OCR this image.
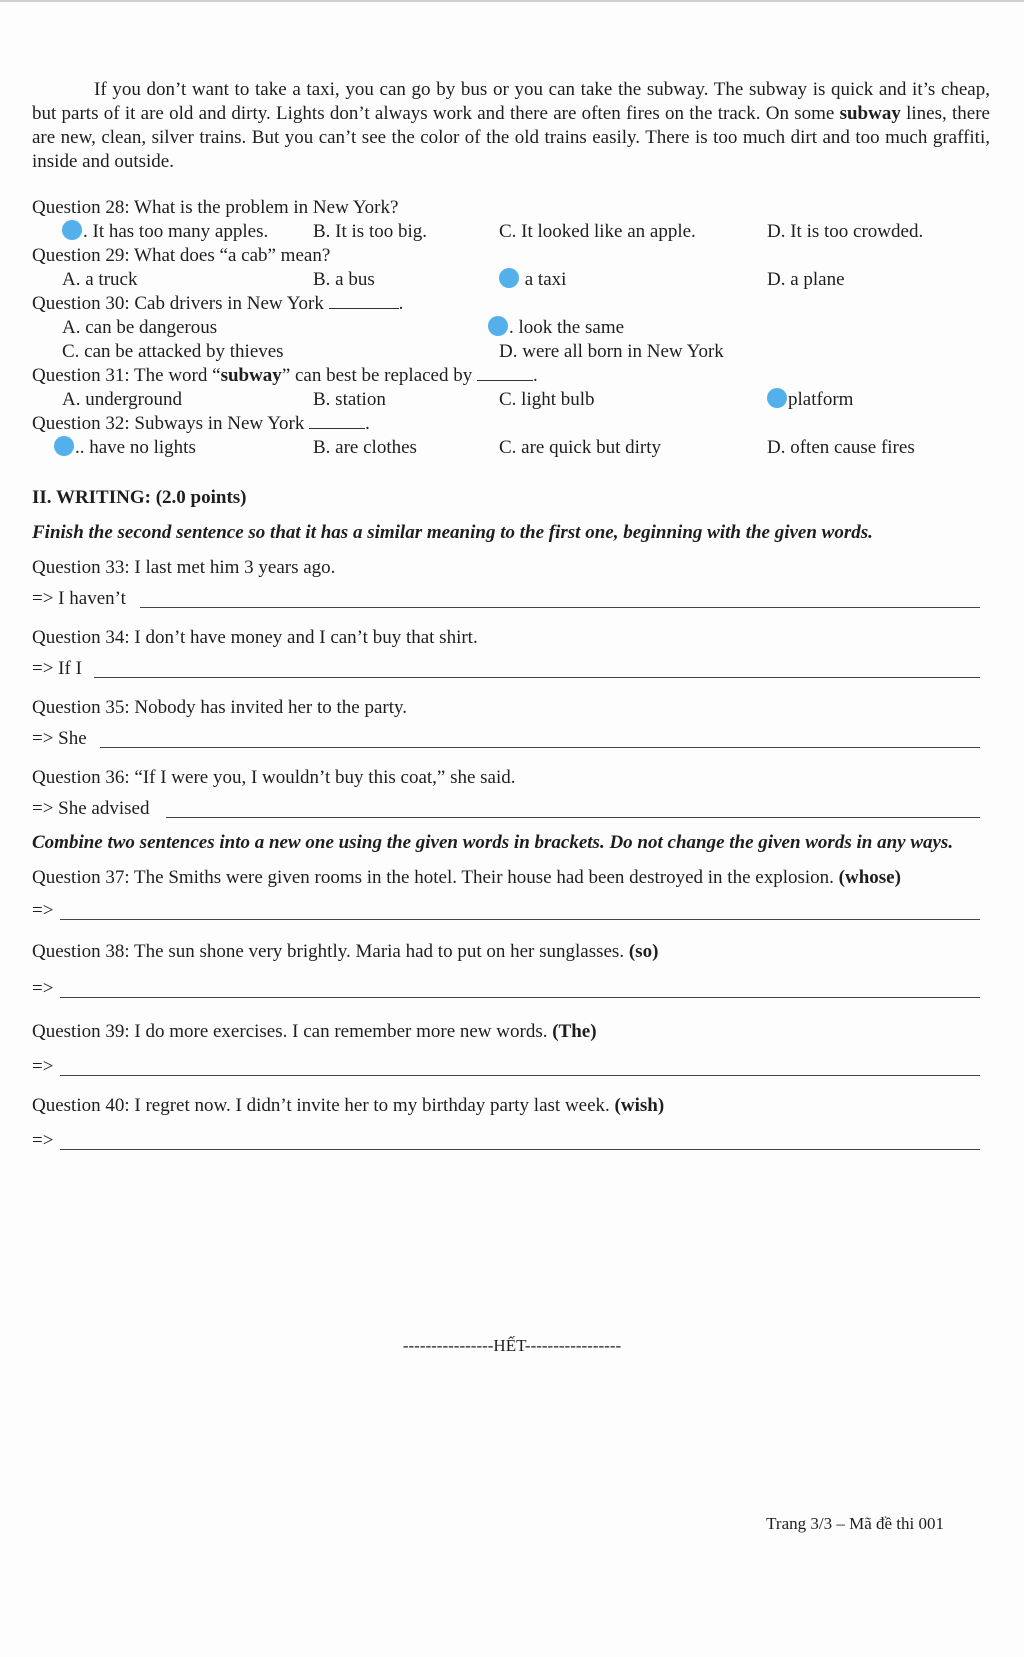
If you don’t want to take a taxi, you can go by bus or you can take the subway. The subway is quick and it’s cheap, but parts of it are old and dirty. Lights don’t always work and there are often fires on the track. On some subway lines, there are new, clean, silver trains. But you can’t see the color of the old trains easily. There is too much dirt and too much graffiti, inside and outside.

Question 28: What is the problem in New York?
. It has too many apples. B. It is too big.	C. It looked like an apple.	D. It is too crowded.
Question 29: What does “a cab” mean?
A. a truck	B. a bus	a taxi	D. a plane
Question 30: Cab drivers in New York	.
A. can be dangerous	. look the same
C. can be attacked by thieves	D. were all born in New York
Question 31: The word “subway” can best be replaced by	.
A. underground	B. station	C. light bulb	platform
Question 32: Subways in New York	.
.. have no lights	B. are clothes	C. are quick but dirty	D. often cause fires

II. WRITING: (2.0 points)

Finish the second sentence so that it has a similar meaning to the first one, beginning with the given words.

Question 33: I last met him 3 years ago.

=> I haven’t

Question 34: I don’t have money and I can’t buy that shirt.

=> If I

Question 35: Nobody has invited her to the party.

=> She

Question 36: “If I were you, I wouldn’t buy this coat,” she said.

=> She advised

Combine two sentences into a new one using the given words in brackets. Do not change the given words in any ways.

Question 37: The Smiths were given rooms in the hotel. Their house had been destroyed in the explosion. (whose)

=>

Question 38: The sun shone very brightly. Maria had to put on her sunglasses. (so)

=>

Question 39: I do more exercises. I can remember more new words. (The)

=>

Question 40: I regret now. I didn’t invite her to my birthday party last week. (wish)

=>
----------------HẾT-----------------
Trang 3/3 – Mã đề thi 001
